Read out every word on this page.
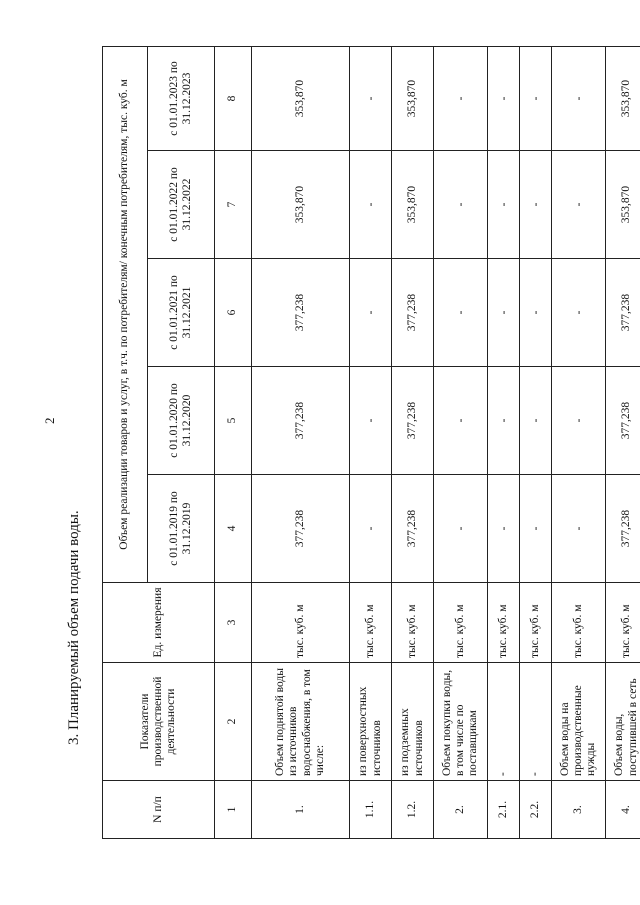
2
3. Планируемый объем подачи воды.
N п/п	Показатели производственной деятельности	Ед. измерения	Объем реализации товаров и услуг, в т.ч. по потребителям/ конечным потребителям, тыс. куб. м				
			с 01.01.2019 по 31.12.2019	с 01.01.2020 по 31.12.2020	с 01.01.2021 по 31.12.2021	с 01.01.2022 по 31.12.2022	с 01.01.2023 по 31.12.2023
1	2	3	4	5	6	7	8
1.	Объем поднятой воды из источников водоснабжения, в том числе:	тыс. куб. м	377,238	377,238	377,238	353,870	353,870
1.1.	из поверхностных источников	тыс. куб. м	-	-	-	-	-
1.2.	из подземных источников	тыс. куб. м	377,238	377,238	377,238	353,870	353,870
2.	Объем покупки воды, в том числе по поставщикам	тыс. куб. м	-	-	-	-	-
2.1.	-	тыс. куб. м	-	-	-	-	-
2.2.	-	тыс. куб. м	-	-	-	-	-
3.	Объем воды на производственные нужды	тыс. куб. м	-	-	-	-	-
4.	Объем воды, поступившей в сеть	тыс. куб. м	377,238	377,238	377,238	353,870	353,870
